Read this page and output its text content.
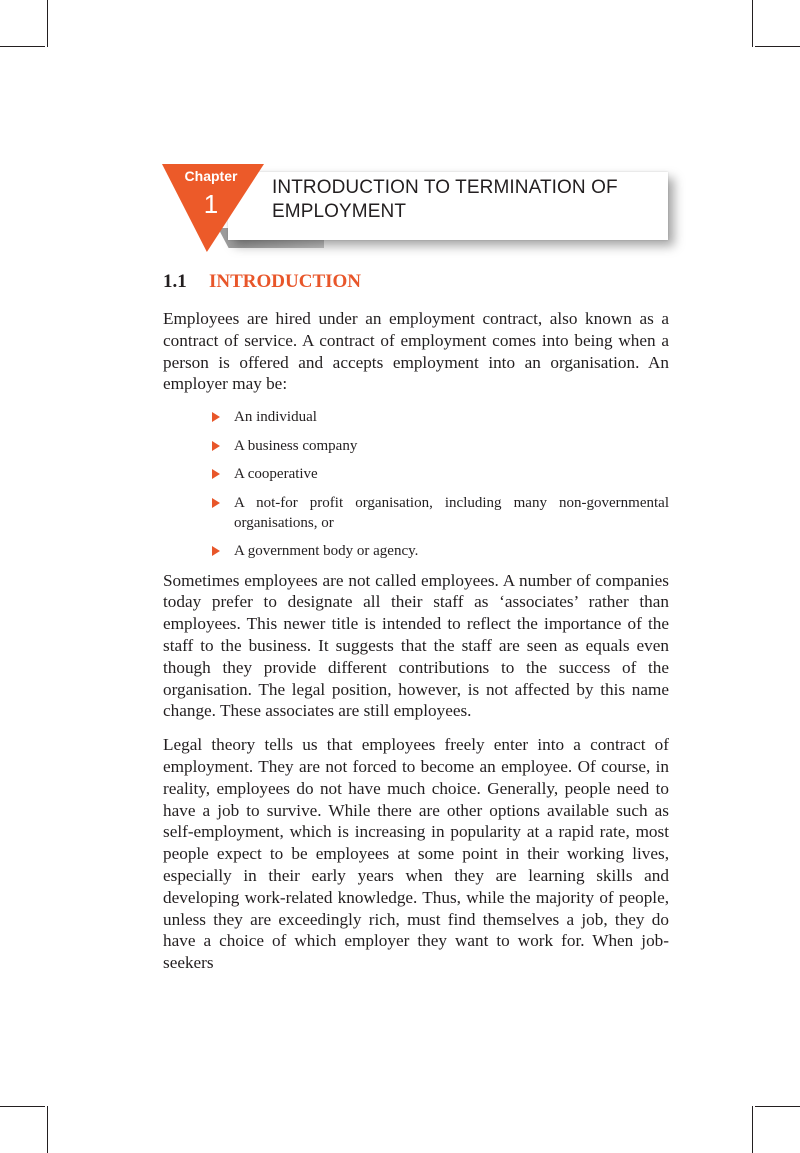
INTRODUCTION TO TERMINATION OF
EMPLOYMENT
Chapter
1
1.1 INTRODUCTION

Employees are hired under an employment contract, also known as a contract of service. A contract of employment comes into being when a person is offered and accepts employment into an organisation. An employer may be:

An individual
A business company
A cooperative
A not-for profit organisation, including many non-governmental organisations, or
A government body or agency.

Sometimes employees are not called employees. A number of companies today prefer to designate all their staff as ‘associates’ rather than employees. This newer title is intended to reflect the importance of the staff to the business. It suggests that the staff are seen as equals even though they provide different contributions to the success of the organisation. The legal position, however, is not affected by this name change. These associates are still employees.

Legal theory tells us that employees freely enter into a contract of employment. They are not forced to become an employee. Of course, in reality, employees do not have much choice. Generally, people need to have a job to survive. While there are other options available such as self-employment, which is increasing in popularity at a rapid rate, most people expect to be employees at some point in their working lives, especially in their early years when they are learning skills and developing work-related knowledge. Thus, while the majority of people, unless they are exceedingly rich, must find themselves a job, they do have a choice of which employer they want to work for. When job-seekers
